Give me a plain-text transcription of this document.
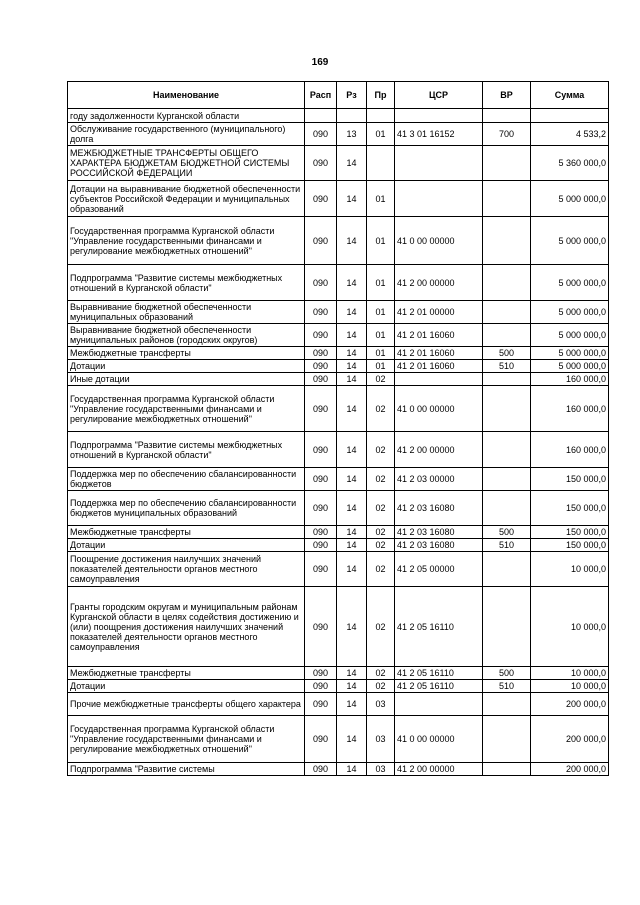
169
Наименование	Расп	Рз	Пр	ЦСР	ВР	Сумма
году задолженности Курганской области						
Обслуживание государственного (муниципального) долга	090	13	01	41 3 01 16152	700	4 533,2
МЕЖБЮДЖЕТНЫЕ ТРАНСФЕРТЫ ОБЩЕГО ХАРАКТЕРА БЮДЖЕТАМ БЮДЖЕТНОЙ СИСТЕМЫ РОССИЙСКОЙ ФЕДЕРАЦИИ	090	14				5 360 000,0
Дотации на выравнивание бюджетной обеспеченности субъектов Российской Федерации и муниципальных образований	090	14	01			5 000 000,0
Государственная программа Курганской области "Управление государственными финансами и регулирование межбюджетных отношений"	090	14	01	41 0 00 00000		5 000 000,0
Подпрограмма "Развитие системы межбюджетных отношений в Курганской области"	090	14	01	41 2 00 00000		5 000 000,0
Выравнивание бюджетной обеспеченности муниципальных образований	090	14	01	41 2 01 00000		5 000 000,0
Выравнивание бюджетной обеспеченности муниципальных районов (городских округов)	090	14	01	41 2 01 16060		5 000 000,0
Межбюджетные трансферты	090	14	01	41 2 01 16060	500	5 000 000,0
Дотации	090	14	01	41 2 01 16060	510	5 000 000,0
Иные дотации	090	14	02			160 000,0
Государственная программа Курганской области "Управление государственными финансами и регулирование межбюджетных отношений"	090	14	02	41 0 00 00000		160 000,0
Подпрограмма "Развитие системы межбюджетных отношений в Курганской области"	090	14	02	41 2 00 00000		160 000,0
Поддержка мер по обеспечению сбалансированности бюджетов	090	14	02	41 2 03 00000		150 000,0
Поддержка мер по обеспечению сбалансированности бюджетов муниципальных образований	090	14	02	41 2 03 16080		150 000,0
Межбюджетные трансферты	090	14	02	41 2 03 16080	500	150 000,0
Дотации	090	14	02	41 2 03 16080	510	150 000,0
Поощрение достижения наилучших значений показателей деятельности органов местного самоуправления	090	14	02	41 2 05 00000		10 000,0
Гранты городским округам и муниципальным районам Курганской области в целях содействия достижению и (или) поощрения достижения наилучших значений показателей деятельности органов местного самоуправления	090	14	02	41 2 05 16110		10 000,0
Межбюджетные трансферты	090	14	02	41 2 05 16110	500	10 000,0
Дотации	090	14	02	41 2 05 16110	510	10 000,0
Прочие межбюджетные трансферты общего характера	090	14	03			200 000,0
Государственная программа Курганской области "Управление государственными финансами и регулирование межбюджетных отношений"	090	14	03	41 0 00 00000		200 000,0
Подпрограмма "Развитие системы	090	14	03	41 2 00 00000		200 000,0
